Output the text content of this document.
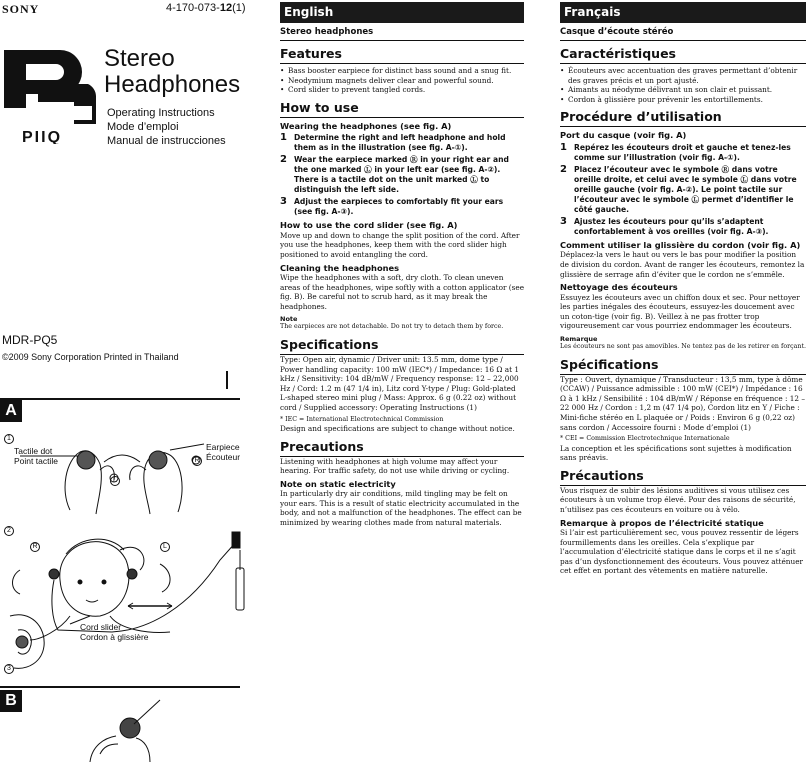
SONY	4-170-073-12(1)
PIIQ
Stereo
Headphones
Operating Instructions
Mode d’emploi
Manual de instrucciones
MDR-PQ5
©2009 Sony Corporation Printed in Thailand
A
1
Tactile dot
Point tactile
Earpiece
Écouteur
L
R
2
R	L
Cord slider
Cordon à glissière
3
B
English
Stereo headphones
Features
• Bass booster earpiece for distinct bass sound and a snug fit.
• Neodymium magnets deliver clear and powerful sound.
• Cord slider to prevent tangled cords.
How to use
Wearing the headphones (see fig. A)
1 Determine the right and left headphone and hold them as in the illustration (see fig. A-①).
2 Wear the earpiece marked Ⓡ in your right ear and the one marked Ⓛ in your left ear (see fig. A-②). There is a tactile dot on the unit marked Ⓛ to distinguish the left side.
3 Adjust the earpieces to comfortably fit your ears (see fig. A-③).
How to use the cord slider (see fig. A)
Move up and down to change the split position of the cord. After you use the headphones, keep them with the cord slider high positioned to avoid entangling the cord.
Cleaning the headphones
Wipe the headphones with a soft, dry cloth. To clean uneven areas of the headphones, wipe softly with a cotton applicator (see fig. B). Be careful not to scrub hard, as it may break the headphones.
Note
The earpieces are not detachable. Do not try to detach them by force.
Specifications
Type: Open air, dynamic / Driver unit: 13.5 mm, dome type / Power handling capacity: 100 mW (IEC*) / Impedance: 16 Ω at 1 kHz / Sensitivity: 104 dB/mW / Frequency response: 12 – 22,000 Hz / Cord: 1.2 m (47 1/4 in), Litz cord Y-type / Plug: Gold-plated L-shaped stereo mini plug / Mass: Approx. 6 g (0.22 oz) without cord / Supplied accessory: Operating Instructions (1)
* IEC = International Electrotechnical Commission
Design and specifications are subject to change without notice.
Precautions
Listening with headphones at high volume may affect your hearing. For traffic safety, do not use while driving or cycling.
Note on static electricity
In particularly dry air conditions, mild tingling may be felt on your ears. This is a result of static electricity accumulated in the body, and not a malfunction of the headphones. The effect can be minimized by wearing clothes made from natural materials.
Français
Casque d’écoute stéréo
Caractéristiques
• Écouteurs avec accentuation des graves permettant d’obtenir des graves précis et un port ajusté.
• Aimants au néodyme délivrant un son clair et puissant.
• Cordon à glissière pour prévenir les entortillements.
Procédure d’utilisation
Port du casque (voir fig. A)
1 Repérez les écouteurs droit et gauche et tenez-les comme sur l’illustration (voir fig. A-①).
2 Placez l’écouteur avec le symbole Ⓡ dans votre oreille droite, et celui avec le symbole Ⓛ dans votre oreille gauche (voir fig. A-②). Le point tactile sur l’écouteur avec le symbole Ⓛ permet d’identifier le côté gauche.
3 Ajustez les écouteurs pour qu’ils s’adaptent confortablement à vos oreilles (voir fig. A-③).
Comment utiliser la glissière du cordon (voir fig. A)
Déplacez-la vers le haut ou vers le bas pour modifier la position de division du cordon. Avant de ranger les écouteurs, remontez la glissière de serrage afin d’éviter que le cordon ne s’emmêle.
Nettoyage des écouteurs
Essuyez les écouteurs avec un chiffon doux et sec. Pour nettoyer les parties inégales des écouteurs, essuyez-les doucement avec un coton-tige (voir fig. B). Veillez à ne pas frotter trop vigoureusement car vous pourriez endommager les écouteurs.
Remarque
Les écouteurs ne sont pas amovibles. Ne tentez pas de les retirer en forçant.
Spécifications
Type : Ouvert, dynamique / Transducteur : 13,5 mm, type à dôme (CCAW) / Puissance admissible : 100 mW (CEI*) / Impédance : 16 Ω à 1 kHz / Sensibilité : 104 dB/mW / Réponse en fréquence : 12 – 22 000 Hz / Cordon : 1,2 m (47 1/4 po), Cordon litz en Y / Fiche : Mini-fiche stéréo en L plaquée or / Poids : Environ 6 g (0,22 oz) sans cordon / Accessoire fourni : Mode d’emploi (1)
* CEI = Commission Electrotechnique Internationale
La conception et les spécifications sont sujettes à modification sans préavis.
Précautions
Vous risquez de subir des lésions auditives si vous utilisez ces écouteurs à un volume trop élevé. Pour des raisons de sécurité, n’utilisez pas ces écouteurs en voiture ou à vélo.
Remarque à propos de l’électricité statique
Si l’air est particulièrement sec, vous pouvez ressentir de légers fourmillements dans les oreilles. Cela s’explique par l’accumulation d’électricité statique dans le corps et il ne s’agit pas d’un dysfonctionnement des écouteurs. Vous pouvez atténuer cet effet en portant des vêtements en matière naturelle.
